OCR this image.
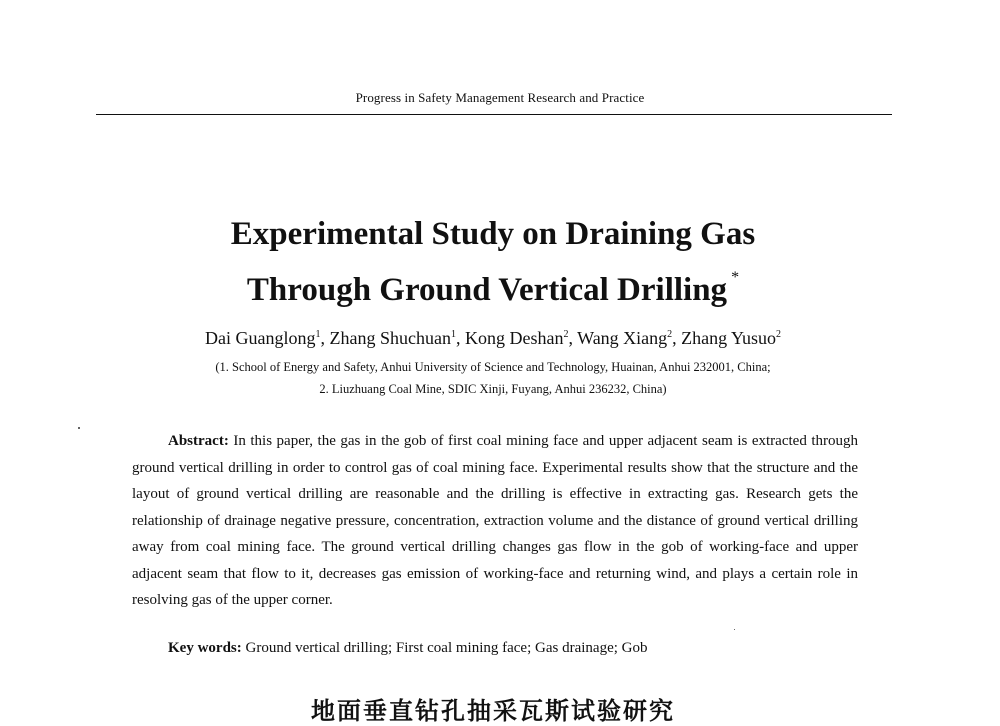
Progress in Safety Management Research and Practice
Experimental Study on Draining Gas
Through Ground Vertical Drilling *
Dai Guanglong$^1$, Zhang Shuchuan$^1$, Kong Deshan$^2$, Wang Xiang$^2$, Zhang Yusuo$^2$
(1. School of Energy and Safety, Anhui University of Science and Technology, Huainan, Anhui 232001, China;
2. Liuzhuang Coal Mine, SDIC Xinji, Fuyang, Anhui 236232, China)

Abstract: In this paper, the gas in the gob of first coal mining face and upper adjacent seam is extracted through ground vertical drilling in order to control gas of coal mining face. Experimental results show that the structure and the layout of ground vertical drilling are reasonable and the drilling is effective in extracting gas. Research gets the relationship of drainage negative pressure, concentration, extraction volume and the distance of ground vertical drilling away from coal mining face. The ground vertical drilling changes gas flow in the gob of working-face and upper adjacent seam that flow to it, decreases gas emission of working-face and returning wind, and plays a certain role in resolving gas of the upper corner.

Key words: Ground vertical drilling; First coal mining face; Gas drainage; Gob
地面垂直钻孔抽采瓦斯试验研究
